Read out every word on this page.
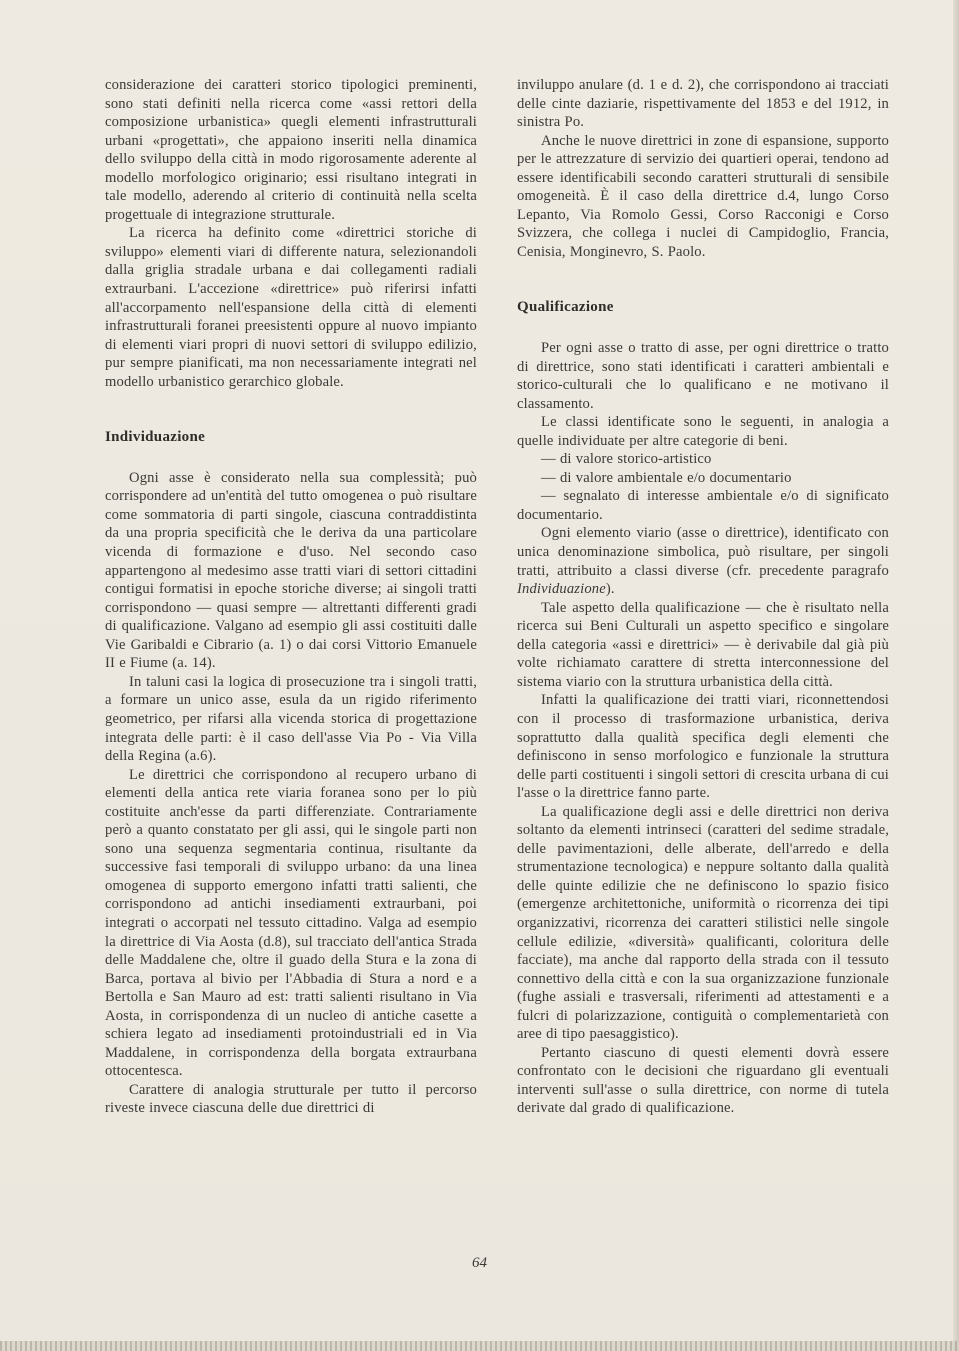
considerazione dei caratteri storico tipologici preminenti, sono stati definiti nella ricerca come «assi rettori della composizione urbanistica» quegli elementi infrastrutturali urbani «progettati», che appaiono inseriti nella dinamica dello sviluppo della città in modo rigorosamente aderente al modello morfologico originario; essi risultano integrati in tale modello, aderendo al criterio di continuità nella scelta progettuale di integrazione strutturale.

La ricerca ha definito come «direttrici storiche di sviluppo» elementi viari di differente natura, selezionandoli dalla griglia stradale urbana e dai collegamenti radiali extraurbani. L'accezione «direttrice» può riferirsi infatti all'accorpamento nell'espansione della città di elementi infrastrutturali foranei preesistenti oppure al nuovo impianto di elementi viari propri di nuovi settori di sviluppo edilizio, pur sempre pianificati, ma non necessariamente integrati nel modello urbanistico gerarchico globale.

Individuazione

Ogni asse è considerato nella sua complessità; può corrispondere ad un'entità del tutto omogenea o può risultare come sommatoria di parti singole, ciascuna contraddistinta da una propria specificità che le deriva da una particolare vicenda di formazione e d'uso. Nel secondo caso appartengono al medesimo asse tratti viari di settori cittadini contigui formatisi in epoche storiche diverse; ai singoli tratti corrispondono — quasi sempre — altrettanti differenti gradi di qualificazione. Valgano ad esempio gli assi costituiti dalle Vie Garibaldi e Cibrario (a. 1) o dai corsi Vittorio Emanuele II e Fiume (a. 14).

In taluni casi la logica di prosecuzione tra i singoli tratti, a formare un unico asse, esula da un rigido riferimento geometrico, per rifarsi alla vicenda storica di progettazione integrata delle parti: è il caso dell'asse Via Po - Via Villa della Regina (a.6).

Le direttrici che corrispondono al recupero urbano di elementi della antica rete viaria foranea sono per lo più costituite anch'esse da parti differenziate. Contrariamente però a quanto constatato per gli assi, qui le singole parti non sono una sequenza segmentaria continua, risultante da successive fasi temporali di sviluppo urbano: da una linea omogenea di supporto emergono infatti tratti salienti, che corrispondono ad antichi insediamenti extraurbani, poi integrati o accorpati nel tessuto cittadino. Valga ad esempio la direttrice di Via Aosta (d.8), sul tracciato dell'antica Strada delle Maddalene che, oltre il guado della Stura e la zona di Barca, portava al bivio per l'Abbadia di Stura a nord e a Bertolla e San Mauro ad est: tratti salienti risultano in Via Aosta, in corrispondenza di un nucleo di antiche casette a schiera legato ad insediamenti protoindustriali ed in Via Maddalene, in corrispondenza della borgata extraurbana ottocentesca.

Carattere di analogia strutturale per tutto il percorso riveste invece ciascuna delle due direttrici di

inviluppo anulare (d. 1 e d. 2), che corrispondono ai tracciati delle cinte daziarie, rispettivamente del 1853 e del 1912, in sinistra Po.

Anche le nuove direttrici in zone di espansione, supporto per le attrezzature di servizio dei quartieri operai, tendono ad essere identificabili secondo caratteri strutturali di sensibile omogeneità. È il caso della direttrice d.4, lungo Corso Lepanto, Via Romolo Gessi, Corso Racconigi e Corso Svizzera, che collega i nuclei di Campidoglio, Francia, Cenisia, Monginevro, S. Paolo.

Qualificazione

Per ogni asse o tratto di asse, per ogni direttrice o tratto di direttrice, sono stati identificati i caratteri ambientali e storico-culturali che lo qualificano e ne motivano il classamento.

Le classi identificate sono le seguenti, in analogia a quelle individuate per altre categorie di beni.

— di valore storico-artistico

— di valore ambientale e/o documentario

— segnalato di interesse ambientale e/o di significato documentario.

Ogni elemento viario (asse o direttrice), identificato con unica denominazione simbolica, può risultare, per singoli tratti, attribuito a classi diverse (cfr. precedente paragrafo Individuazione).

Tale aspetto della qualificazione — che è risultato nella ricerca sui Beni Culturali un aspetto specifico e singolare della categoria «assi e direttrici» — è derivabile dal già più volte richiamato carattere di stretta interconnessione del sistema viario con la struttura urbanistica della città.

Infatti la qualificazione dei tratti viari, riconnettendosi con il processo di trasformazione urbanistica, deriva soprattutto dalla qualità specifica degli elementi che definiscono in senso morfologico e funzionale la struttura delle parti costituenti i singoli settori di crescita urbana di cui l'asse o la direttrice fanno parte.

La qualificazione degli assi e delle direttrici non deriva soltanto da elementi intrinseci (caratteri del sedime stradale, delle pavimentazioni, delle alberate, dell'arredo e della strumentazione tecnologica) e neppure soltanto dalla qualità delle quinte edilizie che ne definiscono lo spazio fisico (emergenze architettoniche, uniformità o ricorrenza dei tipi organizzativi, ricorrenza dei caratteri stilistici nelle singole cellule edilizie, «diversità» qualificanti, coloritura delle facciate), ma anche dal rapporto della strada con il tessuto connettivo della città e con la sua organizzazione funzionale (fughe assiali e trasversali, riferimenti ad attestamenti e a fulcri di polarizzazione, contiguità o complementarietà con aree di tipo paesaggistico).

Pertanto ciascuno di questi elementi dovrà essere confrontato con le decisioni che riguardano gli eventuali interventi sull'asse o sulla direttrice, con norme di tutela derivate dal grado di qualificazione.

64
